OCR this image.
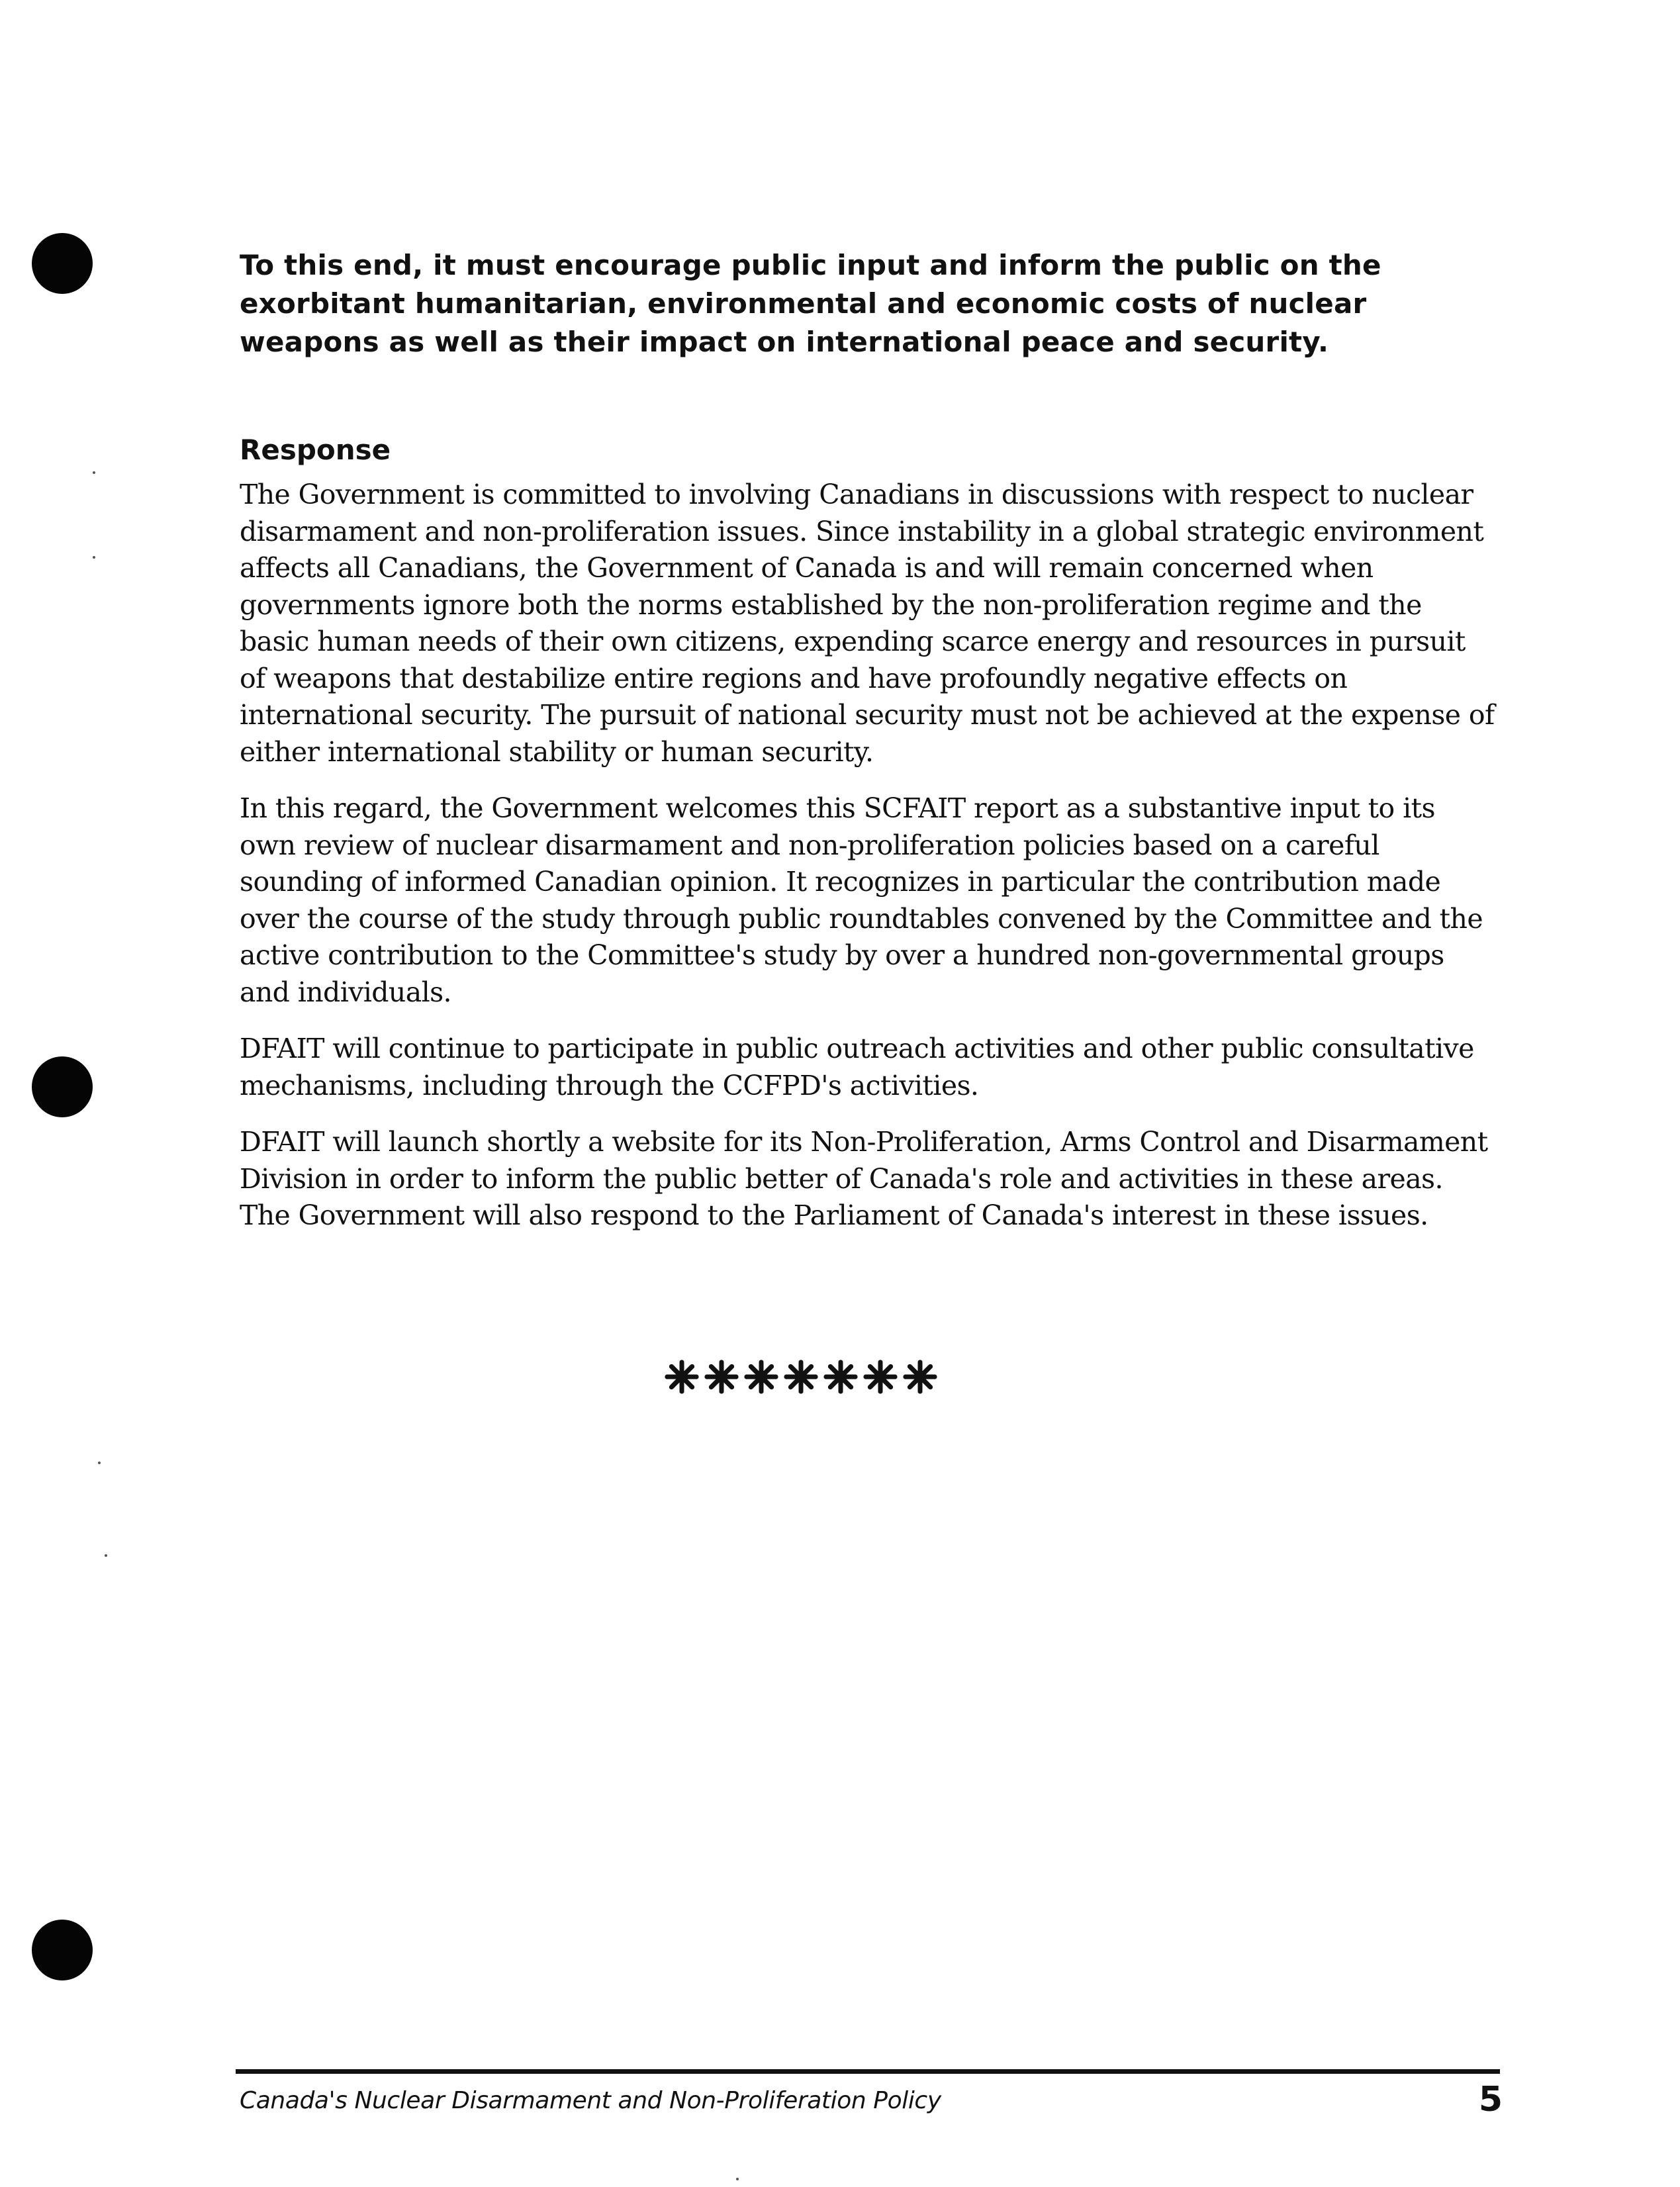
To this end, it must encourage public input and inform the public on the exorbitant humanitarian, environmental and economic costs of nuclear weapons as well as their impact on international peace and security.

Response

The Government is committed to involving Canadians in discussions with respect to nuclear disarmament and non-proliferation issues. Since instability in a global strategic environment affects all Canadians, the Government of Canada is and will remain concerned when governments ignore both the norms established by the non-proliferation regime and the basic human needs of their own citizens, expending scarce energy and resources in pursuit of weapons that destabilize entire regions and have profoundly negative effects on international security. The pursuit of national security must not be achieved at the expense of either international stability or human security.

In this regard, the Government welcomes this SCFAIT report as a substantive input to its own review of nuclear disarmament and non-proliferation policies based on a careful sounding of informed Canadian opinion. It recognizes in particular the contribution made over the course of the study through public roundtables convened by the Committee and the active contribution to the Committee's study by over a hundred non-governmental groups and individuals.

DFAIT will continue to participate in public outreach activities and other public consultative mechanisms, including through the CCFPD's activities.

DFAIT will launch shortly a website for its Non-Proliferation, Arms Control and Disarmament Division in order to inform the public better of Canada's role and activities in these areas. The Government will also respond to the Parliament of Canada's interest in these issues.

Canada's Nuclear Disarmament and Non-Proliferation Policy	5
